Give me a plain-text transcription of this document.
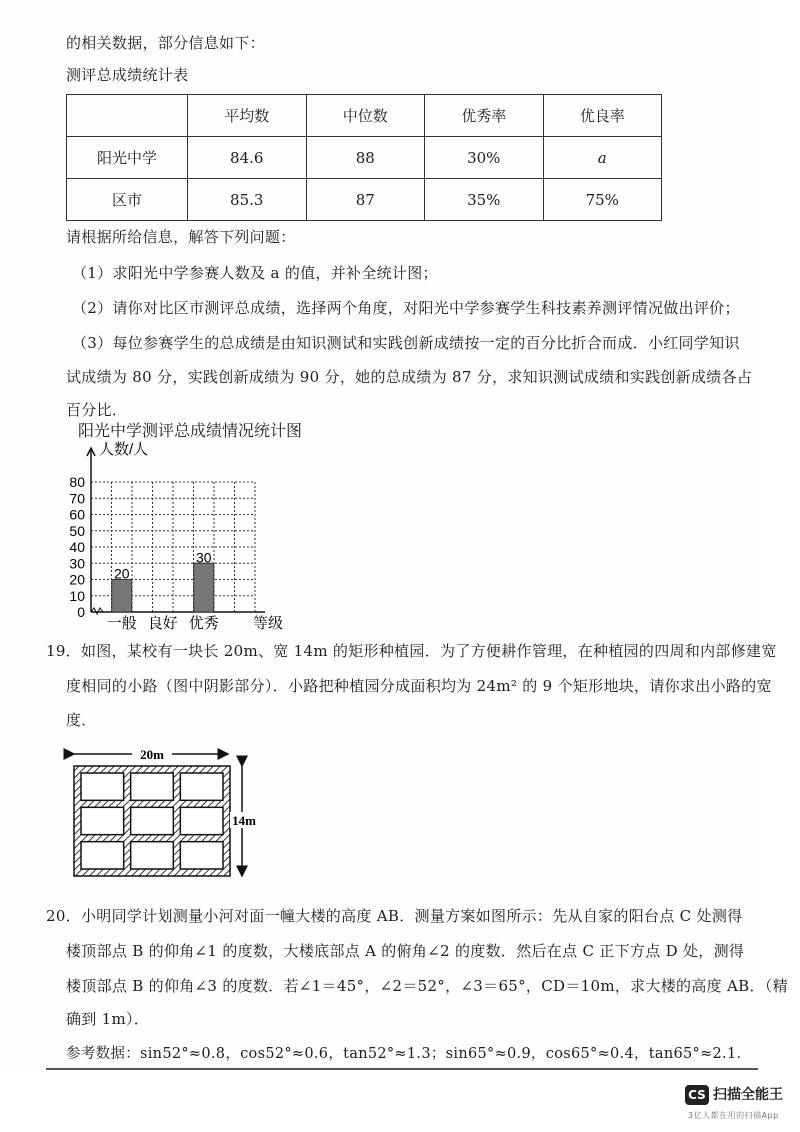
的相关数据，部分信息如下：
测评总成绩统计表
	平均数	中位数	优秀率	优良率
阳光中学	84.6	88	30%	a
区市	85.3	87	35%	75%
请根据所给信息，解答下列问题：
（1）求阳光中学参赛人数及 a 的值，并补全统计图；
（2）请你对比区市测评总成绩，选择两个角度，对阳光中学参赛学生科技素养测评情况做出评价；
（3）每位参赛学生的总成绩是由知识测试和实践创新成绩按一定的百分比折合而成．小红同学知识
试成绩为 80 分，实践创新成绩为 90 分，她的总成绩为 87 分，求知识测试成绩和实践创新成绩各占
百分比．
阳光中学测评总成绩情况统计图
0
10
20
30
40
50
60
70
80
人数/人
20
一般 良好
30
优秀 等级
19．如图，某校有一块长 20m、宽 14m 的矩形种植园．为了方便耕作管理，在种植园的四周和内部修建宽
度相同的小路（图中阴影部分）．小路把种植园分成面积均为 24m² 的 9 个矩形地块，请你求出小路的宽
度．
20m
14m
20．小明同学计划测量小河对面一幢大楼的高度 AB．测量方案如图所示：先从自家的阳台点 C 处测得
楼顶部点 B 的仰角∠1 的度数，大楼底部点 A 的俯角∠2 的度数．然后在点 C 正下方点 D 处，测得
楼顶部点 B 的仰角∠3 的度数．若∠1＝45°，∠2＝52°，∠3＝65°，CD＝10m，求大楼的高度 AB．（精
确到 1m）．
参考数据：sin52°≈0.8，cos52°≈0.6，tan52°≈1.3；sin65°≈0.9，cos65°≈0.4，tan65°≈2.1．
CS 扫描全能王
3亿人都在用的扫描App
